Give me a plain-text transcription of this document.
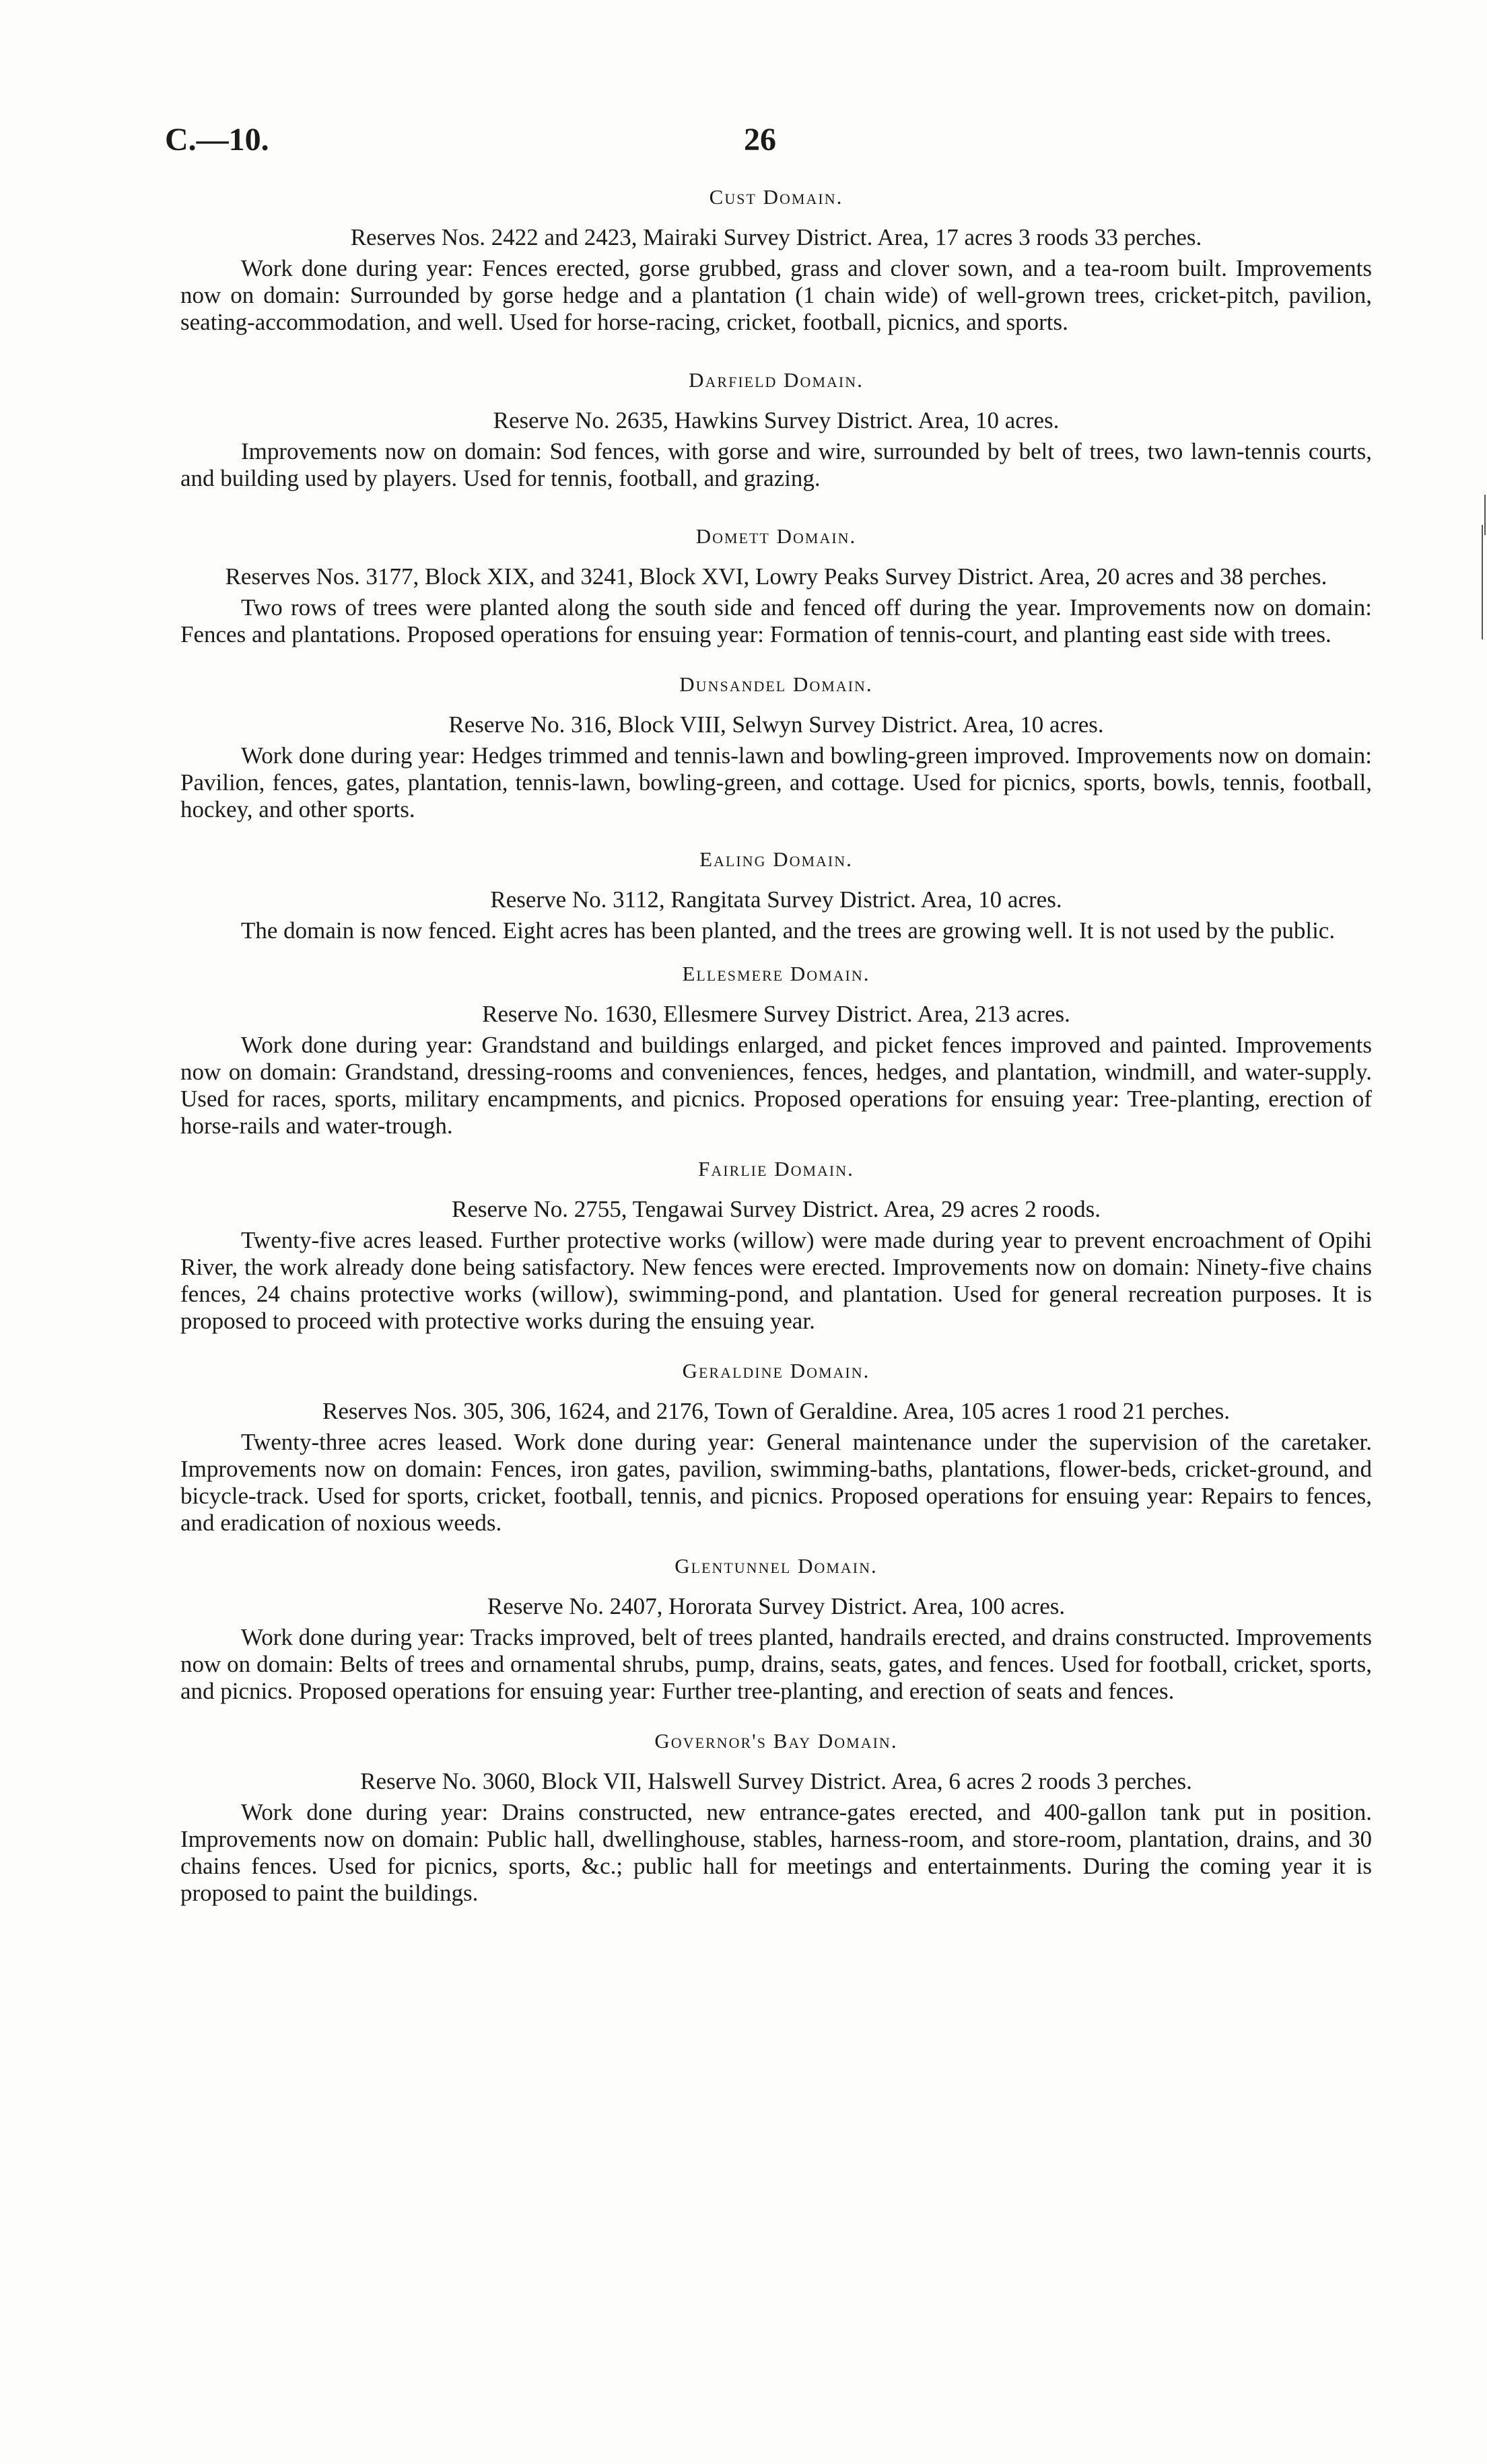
C.—10.	26
Cust Domain.
Reserves Nos. 2422 and 2423, Mairaki Survey District. Area, 17 acres 3 roods 33 perches.

Work done during year: Fences erected, gorse grubbed, grass and clover sown, and a tea-room built. Improvements now on domain: Surrounded by gorse hedge and a plantation (1 chain wide) of well-grown trees, cricket-pitch, pavilion, seating-accommodation, and well. Used for horse-racing, cricket, football, picnics, and sports.

Darfield Domain.
Reserve No. 2635, Hawkins Survey District. Area, 10 acres.

Improvements now on domain: Sod fences, with gorse and wire, surrounded by belt of trees, two lawn-tennis courts, and building used by players. Used for tennis, football, and grazing.

Domett Domain.
Reserves Nos. 3177, Block XIX, and 3241, Block XVI, Lowry Peaks Survey District. Area, 20 acres and 38 perches.

Two rows of trees were planted along the south side and fenced off during the year. Improvements now on domain: Fences and plantations. Proposed operations for ensuing year: Formation of tennis-court, and planting east side with trees.

Dunsandel Domain.
Reserve No. 316, Block VIII, Selwyn Survey District. Area, 10 acres.

Work done during year: Hedges trimmed and tennis-lawn and bowling-green improved. Improvements now on domain: Pavilion, fences, gates, plantation, tennis-lawn, bowling-green, and cottage. Used for picnics, sports, bowls, tennis, football, hockey, and other sports.

Ealing Domain.
Reserve No. 3112, Rangitata Survey District. Area, 10 acres.

The domain is now fenced. Eight acres has been planted, and the trees are growing well. It is not used by the public.

Ellesmere Domain.
Reserve No. 1630, Ellesmere Survey District. Area, 213 acres.

Work done during year: Grandstand and buildings enlarged, and picket fences improved and painted. Improvements now on domain: Grandstand, dressing-rooms and conveniences, fences, hedges, and plantation, windmill, and water-supply. Used for races, sports, military encampments, and picnics. Proposed operations for ensuing year: Tree-planting, erection of horse-rails and water-trough.

Fairlie Domain.
Reserve No. 2755, Tengawai Survey District. Area, 29 acres 2 roods.

Twenty-five acres leased. Further protective works (willow) were made during year to prevent encroachment of Opihi River, the work already done being satisfactory. New fences were erected. Improvements now on domain: Ninety-five chains fences, 24 chains protective works (willow), swimming-pond, and plantation. Used for general recreation purposes. It is proposed to proceed with protective works during the ensuing year.

Geraldine Domain.
Reserves Nos. 305, 306, 1624, and 2176, Town of Geraldine. Area, 105 acres 1 rood 21 perches.

Twenty-three acres leased. Work done during year: General maintenance under the supervision of the caretaker. Improvements now on domain: Fences, iron gates, pavilion, swimming-baths, plantations, flower-beds, cricket-ground, and bicycle-track. Used for sports, cricket, football, tennis, and picnics. Proposed operations for ensuing year: Repairs to fences, and eradication of noxious weeds.

Glentunnel Domain.
Reserve No. 2407, Hororata Survey District. Area, 100 acres.

Work done during year: Tracks improved, belt of trees planted, handrails erected, and drains constructed. Improvements now on domain: Belts of trees and ornamental shrubs, pump, drains, seats, gates, and fences. Used for football, cricket, sports, and picnics. Proposed operations for ensuing year: Further tree-planting, and erection of seats and fences.

Governor's Bay Domain.
Reserve No. 3060, Block VII, Halswell Survey District. Area, 6 acres 2 roods 3 perches.

Work done during year: Drains constructed, new entrance-gates erected, and 400-gallon tank put in position. Improvements now on domain: Public hall, dwellinghouse, stables, harness-room, and store-room, plantation, drains, and 30 chains fences. Used for picnics, sports, &c.; public hall for meetings and entertainments. During the coming year it is proposed to paint the buildings.
